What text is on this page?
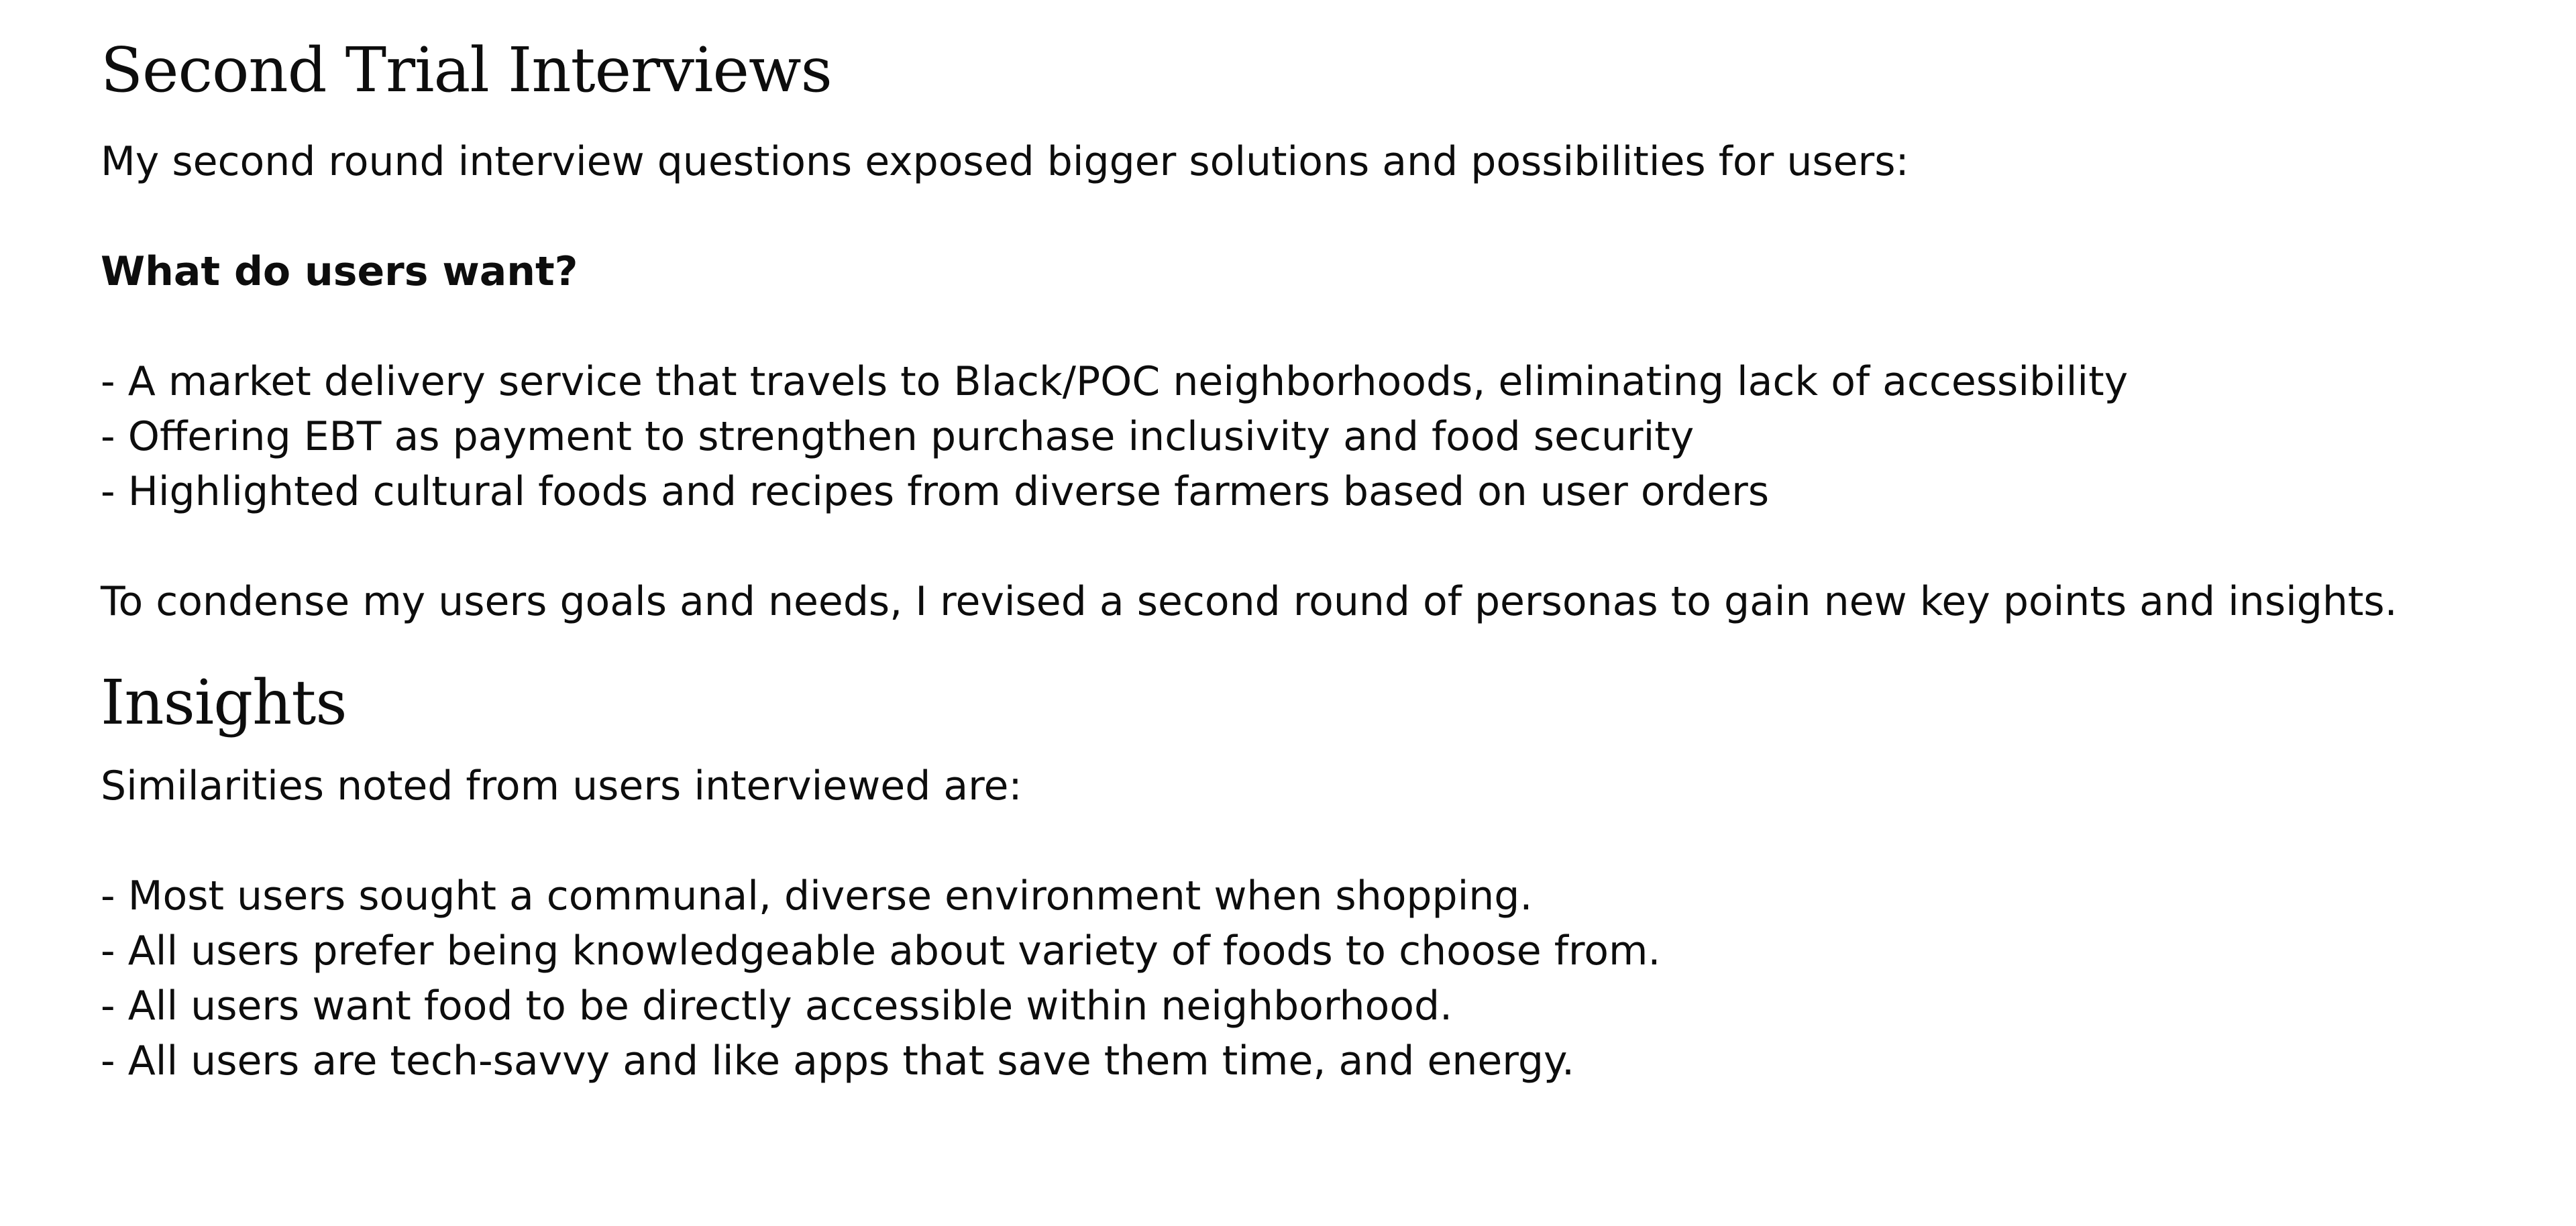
Second Trial Interviews

My second round interview questions exposed bigger solutions and possibilities for users:

What do users want?

- A market delivery service that travels to Black/POC neighborhoods, eliminating lack of accessibility
- Offering EBT as payment to strengthen purchase inclusivity and food security
- Highlighted cultural foods and recipes from diverse farmers based on user orders

To condense my users goals and needs, I revised a second round of personas to gain new key points and insights.

Insights

Similarities noted from users interviewed are:

- Most users sought a communal, diverse environment when shopping.
- All users prefer being knowledgeable about variety of foods to choose from.
- All users want food to be directly accessible within neighborhood.
- All users are tech-savvy and like apps that save them time, and energy.
